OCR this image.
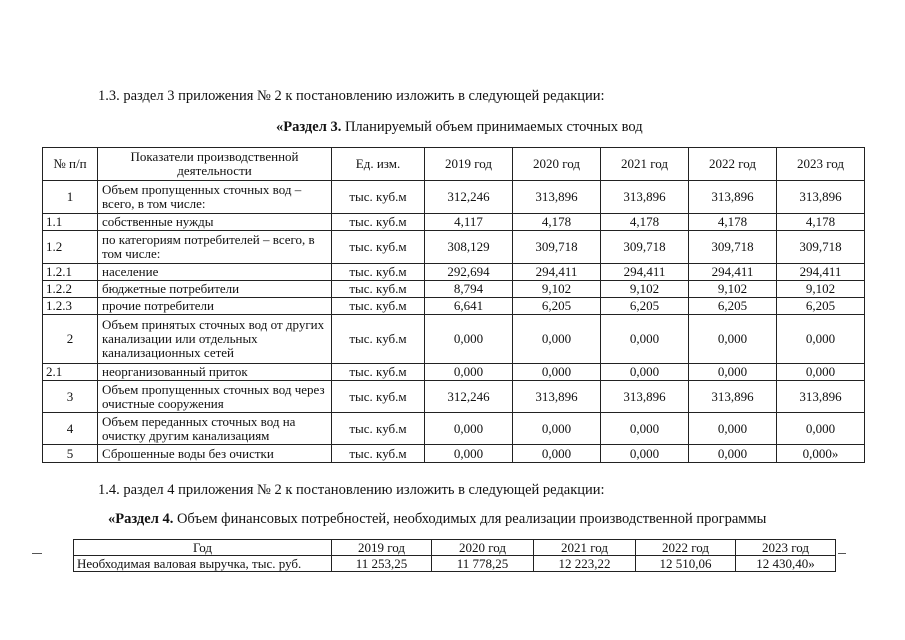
1.3. раздел 3 приложения № 2 к постановлению изложить в следующей редакции:
«Раздел 3. Планируемый объем принимаемых сточных вод
№ п/п	Показатели производственной деятельности	Ед. изм.	2019 год	2020 год	2021 год	2022 год	2023 год
1	Объем пропущенных сточных вод – всего, в том числе:	тыс. куб.м	312,246	313,896	313,896	313,896	313,896
1.1	собственные нужды	тыс. куб.м	4,117	4,178	4,178	4,178	4,178
1.2	по категориям потребителей – всего, в том числе:	тыс. куб.м	308,129	309,718	309,718	309,718	309,718
1.2.1	население	тыс. куб.м	292,694	294,411	294,411	294,411	294,411
1.2.2	бюджетные потребители	тыс. куб.м	8,794	9,102	9,102	9,102	9,102
1.2.3	прочие потребители	тыс. куб.м	6,641	6,205	6,205	6,205	6,205
2	Объем принятых сточных вод от других канализации или отдельных канализационных сетей	тыс. куб.м	0,000	0,000	0,000	0,000	0,000
2.1	неорганизованный приток	тыс. куб.м	0,000	0,000	0,000	0,000	0,000
3	Объем пропущенных сточных вод через очистные сооружения	тыс. куб.м	312,246	313,896	313,896	313,896	313,896
4	Объем переданных сточных вод на очистку другим канализациям	тыс. куб.м	0,000	0,000	0,000	0,000	0,000
5	Сброшенные воды без очистки	тыс. куб.м	0,000	0,000	0,000	0,000	0,000»
1.4. раздел 4 приложения № 2 к постановлению изложить в следующей редакции:
«Раздел 4. Объем финансовых потребностей, необходимых для реализации производственной программы
Год	2019 год	2020 год	2021 год	2022 год	2023 год
Необходимая валовая выручка, тыс. руб.	11 253,25	11 778,25	12 223,22	12 510,06	12 430,40»
